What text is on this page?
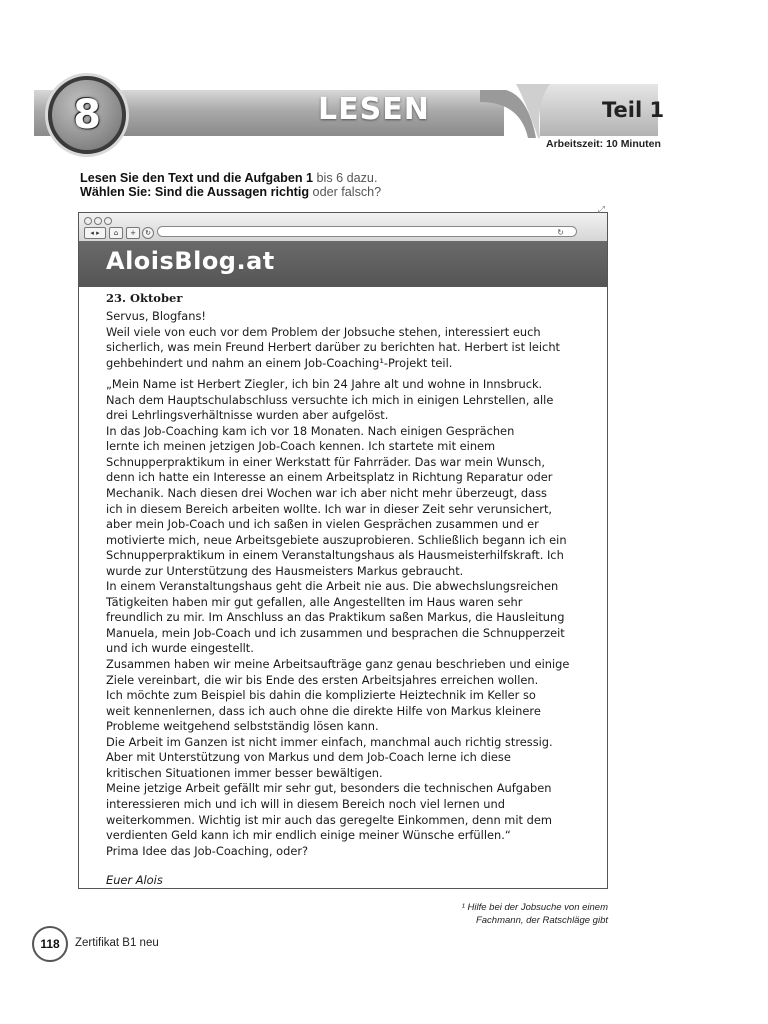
8	LESEN	Teil 1
Arbeitszeit: 10 Minuten
Lesen Sie den Text und die Aufgaben 1 bis 6 dazu.
Wählen Sie: Sind die Aussagen richtig oder falsch?
◂ ▸	⌂	+	↻	↻
⤢
AloisBlog.at
23. Oktober

Servus, Blogfans!

Weil viele von euch vor dem Problem der Jobsuche stehen, interessiert euch

sicherlich, was mein Freund Herbert darüber zu berichten hat. Herbert ist leicht

gehbehindert und nahm an einem Job-Coaching¹-Projekt teil.

„Mein Name ist Herbert Ziegler, ich bin 24 Jahre alt und wohne in Innsbruck.

Nach dem Hauptschulabschluss versuchte ich mich in einigen Lehrstellen, alle

drei Lehrlingsverhältnisse wurden aber aufgelöst.

In das Job-Coaching kam ich vor 18 Monaten. Nach einigen Gesprächen

lernte ich meinen jetzigen Job-Coach kennen. Ich startete mit einem

Schnupperpraktikum in einer Werkstatt für Fahrräder. Das war mein Wunsch,

denn ich hatte ein Interesse an einem Arbeitsplatz in Richtung Reparatur oder

Mechanik. Nach diesen drei Wochen war ich aber nicht mehr überzeugt, dass

ich in diesem Bereich arbeiten wollte. Ich war in dieser Zeit sehr verunsichert,

aber mein Job-Coach und ich saßen in vielen Gesprächen zusammen und er

motivierte mich, neue Arbeitsgebiete auszuprobieren. Schließlich begann ich ein

Schnupperpraktikum in einem Veranstaltungshaus als Hausmeisterhilfskraft. Ich

wurde zur Unterstützung des Hausmeisters Markus gebraucht.

In einem Veranstaltungshaus geht die Arbeit nie aus. Die abwechslungsreichen

Tätigkeiten haben mir gut gefallen, alle Angestellten im Haus waren sehr

freundlich zu mir. Im Anschluss an das Praktikum saßen Markus, die Hausleitung

Manuela, mein Job-Coach und ich zusammen und besprachen die Schnupperzeit

und ich wurde eingestellt.

Zusammen haben wir meine Arbeitsaufträge ganz genau beschrieben und einige

Ziele vereinbart, die wir bis Ende des ersten Arbeitsjahres erreichen wollen.

Ich möchte zum Beispiel bis dahin die komplizierte Heiztechnik im Keller so

weit kennenlernen, dass ich auch ohne die direkte Hilfe von Markus kleinere

Probleme weitgehend selbstständig lösen kann.

Die Arbeit im Ganzen ist nicht immer einfach, manchmal auch richtig stressig.

Aber mit Unterstützung von Markus und dem Job-Coach lerne ich diese

kritischen Situationen immer besser bewältigen.

Meine jetzige Arbeit gefällt mir sehr gut, besonders die technischen Aufgaben

interessieren mich und ich will in diesem Bereich noch viel lernen und

weiterkommen. Wichtig ist mir auch das geregelte Einkommen, denn mit dem

verdienten Geld kann ich mir endlich einige meiner Wünsche erfüllen.“

Prima Idee das Job-Coaching, oder?

Euer Alois
¹ Hilfe bei der Jobsuche von einem
Fachmann, der Ratschläge gibt
118 Zertifikat B1 neu
